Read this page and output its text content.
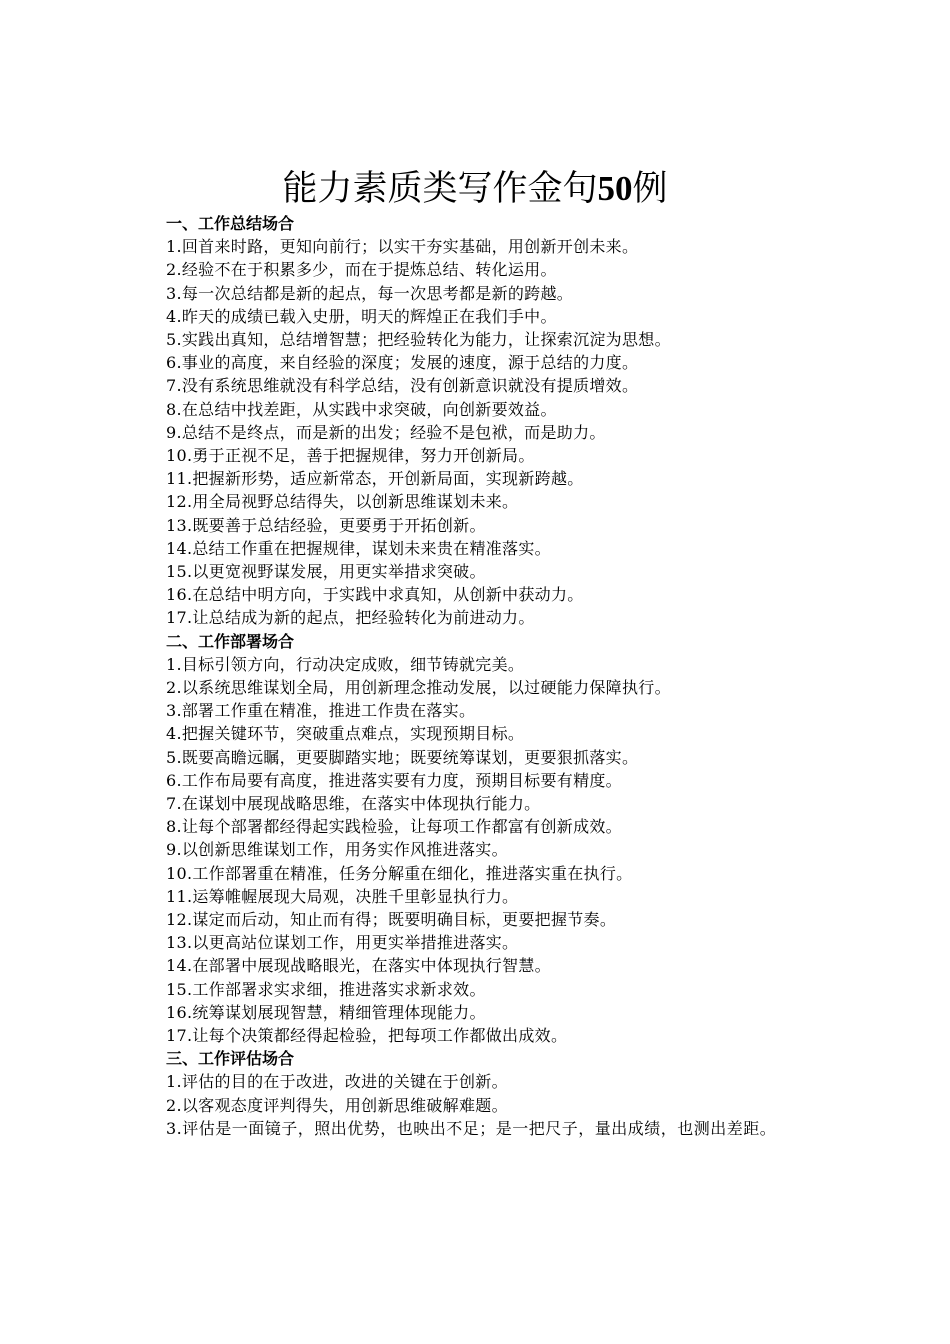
能力素质类写作金句50例
一、工作总结场合
1.回首来时路，更知向前行；以实干夯实基础，用创新开创未来。
2.经验不在于积累多少，而在于提炼总结、转化运用。
3.每一次总结都是新的起点，每一次思考都是新的跨越。
4.昨天的成绩已载入史册，明天的辉煌正在我们手中。
5.实践出真知，总结增智慧；把经验转化为能力，让探索沉淀为思想。
6.事业的高度，来自经验的深度；发展的速度，源于总结的力度。
7.没有系统思维就没有科学总结，没有创新意识就没有提质增效。
8.在总结中找差距，从实践中求突破，向创新要效益。
9.总结不是终点，而是新的出发；经验不是包袱，而是助力。
10.勇于正视不足，善于把握规律，努力开创新局。
11.把握新形势，适应新常态，开创新局面，实现新跨越。
12.用全局视野总结得失，以创新思维谋划未来。
13.既要善于总结经验，更要勇于开拓创新。
14.总结工作重在把握规律，谋划未来贵在精准落实。
15.以更宽视野谋发展，用更实举措求突破。
16.在总结中明方向，于实践中求真知，从创新中获动力。
17.让总结成为新的起点，把经验转化为前进动力。
二、工作部署场合
1.目标引领方向，行动决定成败，细节铸就完美。
2.以系统思维谋划全局，用创新理念推动发展，以过硬能力保障执行。
3.部署工作重在精准，推进工作贵在落实。
4.把握关键环节，突破重点难点，实现预期目标。
5.既要高瞻远瞩，更要脚踏实地；既要统筹谋划，更要狠抓落实。
6.工作布局要有高度，推进落实要有力度，预期目标要有精度。
7.在谋划中展现战略思维，在落实中体现执行能力。
8.让每个部署都经得起实践检验，让每项工作都富有创新成效。
9.以创新思维谋划工作，用务实作风推进落实。
10.工作部署重在精准，任务分解重在细化，推进落实重在执行。
11.运筹帷幄展现大局观，决胜千里彰显执行力。
12.谋定而后动，知止而有得；既要明确目标，更要把握节奏。
13.以更高站位谋划工作，用更实举措推进落实。
14.在部署中展现战略眼光，在落实中体现执行智慧。
15.工作部署求实求细，推进落实求新求效。
16.统筹谋划展现智慧，精细管理体现能力。
17.让每个决策都经得起检验，把每项工作都做出成效。
三、工作评估场合
1.评估的目的在于改进，改进的关键在于创新。
2.以客观态度评判得失，用创新思维破解难题。
3.评估是一面镜子，照出优势，也映出不足；是一把尺子，量出成绩，也测出差距。
